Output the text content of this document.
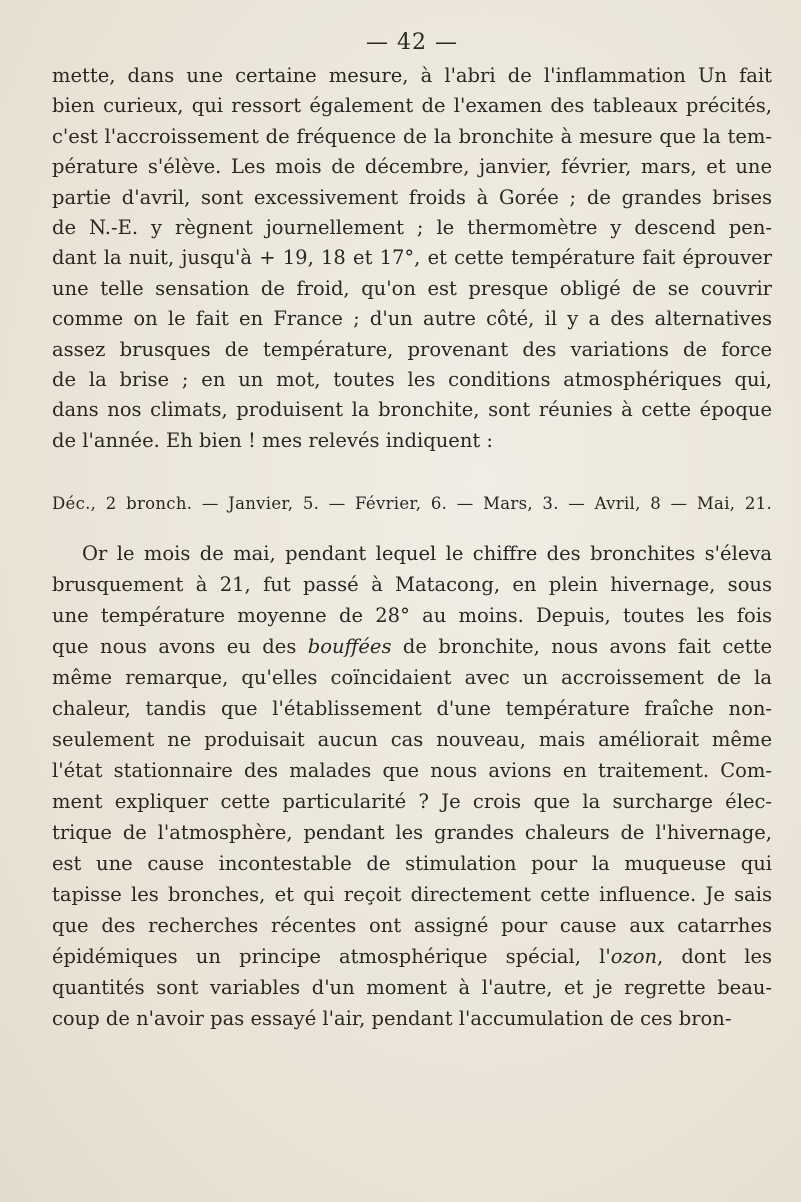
— 42 —

mette, dans une certaine mesure, à l'abri de l'inflammation Un fait
bien curieux, qui ressort également de l'examen des tableaux précités,
c'est l'accroissement de fréquence de la bronchite à mesure que la tem-
pérature s'élève. Les mois de décembre, janvier, février, mars, et une
partie d'avril, sont excessivement froids à Gorée ; de grandes brises
de N.-E. y règnent journellement ; le thermomètre y descend pen-
dant la nuit, jusqu'à + 19, 18 et 17°, et cette température fait éprouver
une telle sensation de froid, qu'on est presque obligé de se couvrir
comme on le fait en France ; d'un autre côté, il y a des alternatives
assez brusques de température, provenant des variations de force
de la brise ; en un mot, toutes les conditions atmosphériques qui,
dans nos climats, produisent la bronchite, sont réunies à cette époque
de l'année. Eh bien ! mes relevés indiquent :

Déc., 2 bronch. — Janvier, 5. — Février, 6. — Mars, 3. — Avril, 8 — Mai, 21.

Or le mois de mai, pendant lequel le chiffre des bronchites s'éleva
brusquement à 21, fut passé à Matacong, en plein hivernage, sous
une température moyenne de 28° au moins. Depuis, toutes les fois
que nous avons eu des bouffées de bronchite, nous avons fait cette
même remarque, qu'elles coïncidaient avec un accroissement de la
chaleur, tandis que l'établissement d'une température fraîche non-
seulement ne produisait aucun cas nouveau, mais améliorait même
l'état stationnaire des malades que nous avions en traitement. Com-
ment expliquer cette particularité ? Je crois que la surcharge élec-
trique de l'atmosphère, pendant les grandes chaleurs de l'hivernage,
est une cause incontestable de stimulation pour la muqueuse qui
tapisse les bronches, et qui reçoit directement cette influence. Je sais
que des recherches récentes ont assigné pour cause aux catarrhes
épidémiques un principe atmosphérique spécial, l'ozon, dont les
quantités sont variables d'un moment à l'autre, et je regrette beau-
coup de n'avoir pas essayé l'air, pendant l'accumulation de ces bron-
